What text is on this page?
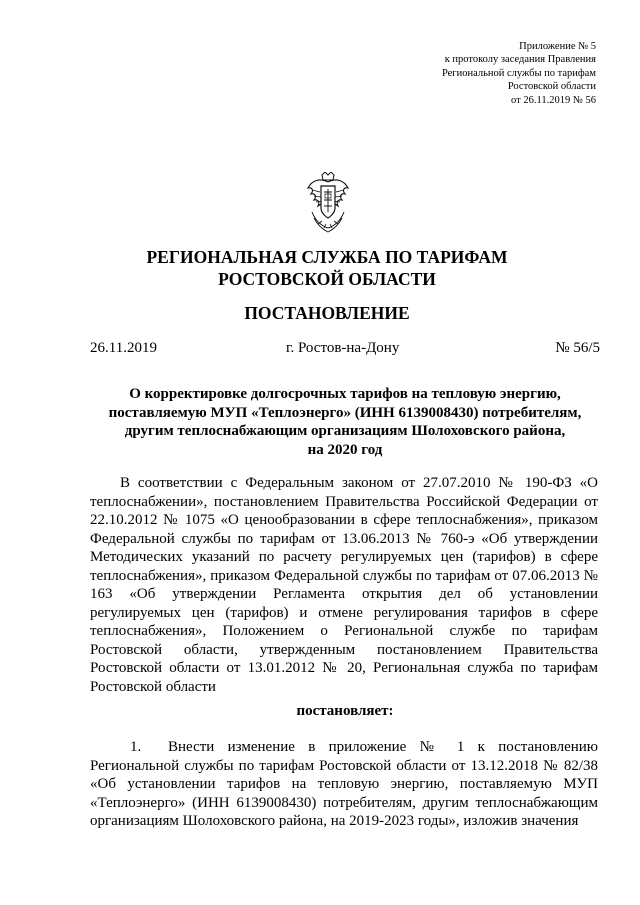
Приложение № 5
к протоколу заседания Правления
Региональной службы по тарифам
Ростовской области
от 26.11.2019 № 56
РЕГИОНАЛЬНАЯ СЛУЖБА ПО ТАРИФАМ
РОСТОВСКОЙ ОБЛАСТИ
ПОСТАНОВЛЕНИЕ
26.11.2019	г. Ростов-на-Дону	№ 56/5
О корректировке долгосрочных тарифов на тепловую энергию,
поставляемую МУП «Теплоэнерго» (ИНН 6139008430) потребителям,
другим теплоснабжающим организациям Шолоховского района,
на 2020 год

В соответствии с Федеральным законом от 27.07.2010 № 190-ФЗ «О теплоснабжении», постановлением Правительства Российской Федерации от 22.10.2012 № 1075 «О ценообразовании в сфере теплоснабжения», приказом Федеральной службы по тарифам от 13.06.2013 № 760-э «Об утверждении Методических указаний по расчету регулируемых цен (тарифов) в сфере теплоснабжения», приказом Федеральной службы по тарифам от 07.06.2013 № 163 «Об утверждении Регламента открытия дел об установлении регулируемых цен (тарифов) и отмене регулирования тарифов в сфере теплоснабжения», Положением о Региональной службе по тарифам Ростовской области, утвержденным постановлением Правительства Ростовской области от 13.01.2012 № 20, Региональная служба по тарифам Ростовской области

постановляет:

1. Внести изменение в приложение № 1 к постановлению Региональной службы по тарифам Ростовской области от 13.12.2018 № 82/38 «Об установлении тарифов на тепловую энергию, поставляемую МУП «Теплоэнерго» (ИНН 6139008430) потребителям, другим теплоснабжающим организациям Шолоховского района, на 2019-2023 годы», изложив значения
